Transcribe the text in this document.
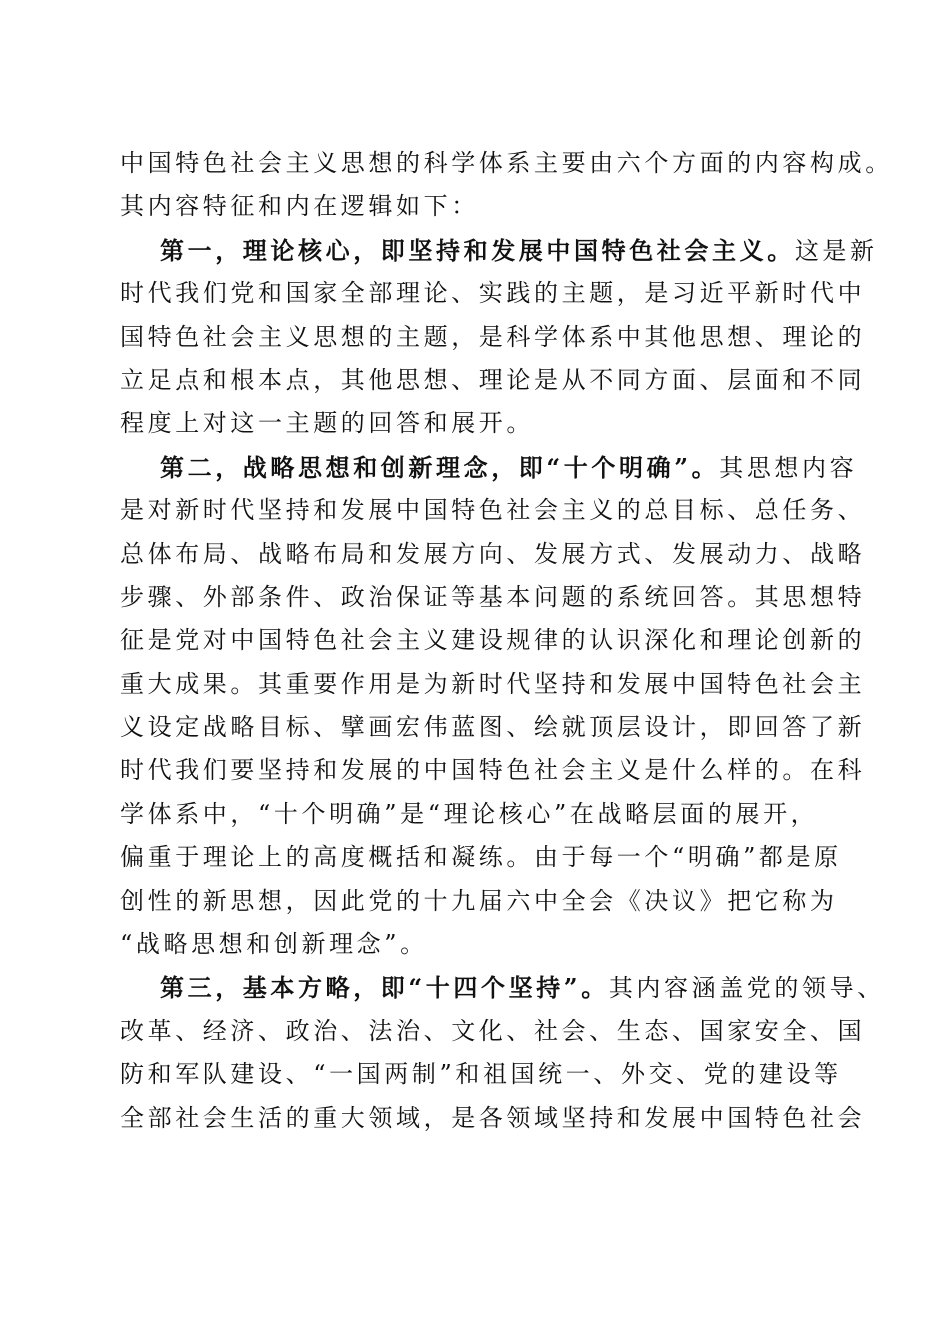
中国特色社会主义思想的科学体系主要由六个方面的内容构成。
其内容特征和内在逻辑如下：
第一，理论核心，即坚持和发展中国特色社会主义。这是新
时代我们党和国家全部理论、实践的主题，是习近平新时代中
国特色社会主义思想的主题，是科学体系中其他思想、理论的
立足点和根本点，其他思想、理论是从不同方面、层面和不同
程度上对这一主题的回答和展开。
第二，战略思想和创新理念，即“十个明确”。其思想内容
是对新时代坚持和发展中国特色社会主义的总目标、总任务、
总体布局、战略布局和发展方向、发展方式、发展动力、战略
步骤、外部条件、政治保证等基本问题的系统回答。其思想特
征是党对中国特色社会主义建设规律的认识深化和理论创新的
重大成果。其重要作用是为新时代坚持和发展中国特色社会主
义设定战略目标、擘画宏伟蓝图、绘就顶层设计，即回答了新
时代我们要坚持和发展的中国特色社会主义是什么样的。在科
学体系中，“十个明确”是“理论核心”在战略层面的展开，
偏重于理论上的高度概括和凝练。由于每一个“明确”都是原
创性的新思想，因此党的十九届六中全会《决议》把它称为
“战略思想和创新理念”。
第三，基本方略，即“十四个坚持”。其内容涵盖党的领导、
改革、经济、政治、法治、文化、社会、生态、国家安全、国
防和军队建设、“一国两制”和祖国统一、外交、党的建设等
全部社会生活的重大领域，是各领域坚持和发展中国特色社会
